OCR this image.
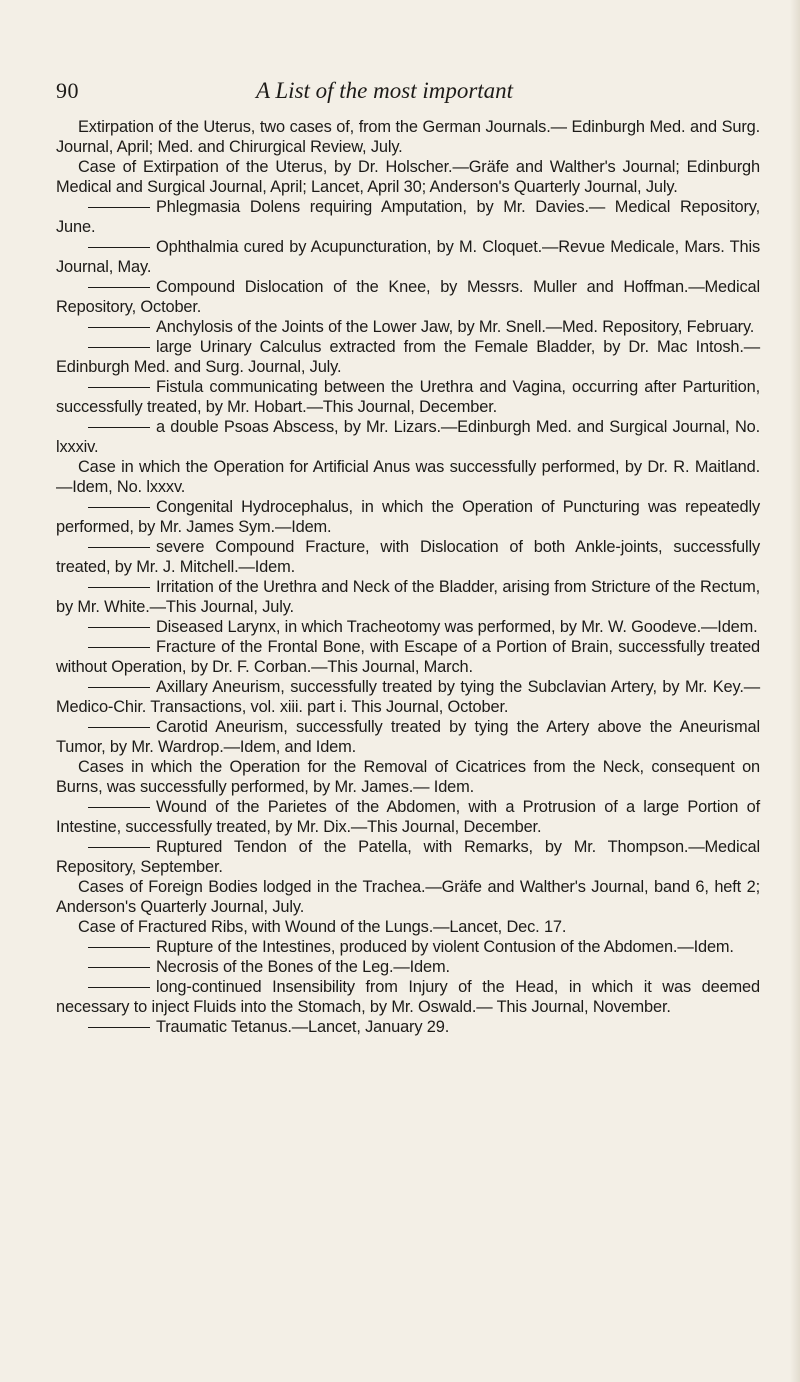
90	A List of the most important

Extirpation of the Uterus, two cases of, from the German Journals.— Edinburgh Med. and Surg. Journal, April; Med. and Chirurgical Review, July.

Case of Extirpation of the Uterus, by Dr. Holscher.—Gräfe and Walther's Journal; Edinburgh Medical and Surgical Journal, April; Lancet, April 30; Anderson's Quarterly Journal, July.

Phlegmasia Dolens requiring Amputation, by Mr. Davies.— Medical Repository, June.

Ophthalmia cured by Acupuncturation, by M. Cloquet.—Revue Medicale, Mars. This Journal, May.

Compound Dislocation of the Knee, by Messrs. Muller and Hoffman.—Medical Repository, October.

Anchylosis of the Joints of the Lower Jaw, by Mr. Snell.—Med. Repository, February.

large Urinary Calculus extracted from the Female Bladder, by Dr. Mac Intosh.—Edinburgh Med. and Surg. Journal, July.

Fistula communicating between the Urethra and Vagina, occurring after Parturition, successfully treated, by Mr. Hobart.—This Journal, December.

a double Psoas Abscess, by Mr. Lizars.—Edinburgh Med. and Surgical Journal, No. lxxxiv.

Case in which the Operation for Artificial Anus was successfully performed, by Dr. R. Maitland.—Idem, No. lxxxv.

Congenital Hydrocephalus, in which the Operation of Puncturing was repeatedly performed, by Mr. James Sym.—Idem.

severe Compound Fracture, with Dislocation of both Ankle-joints, successfully treated, by Mr. J. Mitchell.—Idem.

Irritation of the Urethra and Neck of the Bladder, arising from Stricture of the Rectum, by Mr. White.—This Journal, July.

Diseased Larynx, in which Tracheotomy was performed, by Mr. W. Goodeve.—Idem.

Fracture of the Frontal Bone, with Escape of a Portion of Brain, successfully treated without Operation, by Dr. F. Corban.—This Journal, March.

Axillary Aneurism, successfully treated by tying the Subclavian Artery, by Mr. Key.—Medico-Chir. Transactions, vol. xiii. part i. This Journal, October.

Carotid Aneurism, successfully treated by tying the Artery above the Aneurismal Tumor, by Mr. Wardrop.—Idem, and Idem.

Cases in which the Operation for the Removal of Cicatrices from the Neck, consequent on Burns, was successfully performed, by Mr. James.— Idem.

Wound of the Parietes of the Abdomen, with a Protrusion of a large Portion of Intestine, successfully treated, by Mr. Dix.—This Journal, December.

Ruptured Tendon of the Patella, with Remarks, by Mr. Thompson.—Medical Repository, September.

Cases of Foreign Bodies lodged in the Trachea.—Gräfe and Walther's Journal, band 6, heft 2; Anderson's Quarterly Journal, July.

Case of Fractured Ribs, with Wound of the Lungs.—Lancet, Dec. 17.

Rupture of the Intestines, produced by violent Contusion of the Abdomen.—Idem.

Necrosis of the Bones of the Leg.—Idem.

long-continued Insensibility from Injury of the Head, in which it was deemed necessary to inject Fluids into the Stomach, by Mr. Oswald.— This Journal, November.

Traumatic Tetanus.—Lancet, January 29.
